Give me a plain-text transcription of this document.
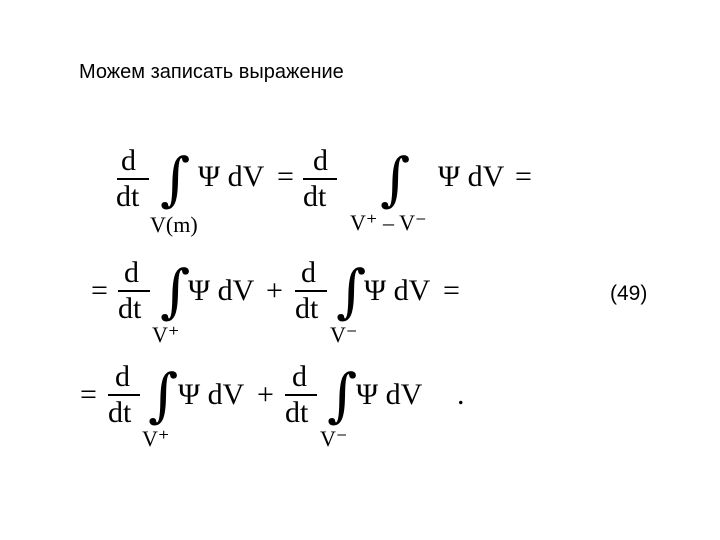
Можем записать выражение
d
dt ∫
V(m)
Ψ dV = d
dt ∫
V⁺ – V⁻
Ψ dV =
=
d
dt ∫
V⁺
Ψ dV +
d
dt ∫
V⁻
Ψ dV =	(49)
=
d
dt ∫
V⁺
Ψ dV +
d
dt ∫
V⁻
Ψ dV .
